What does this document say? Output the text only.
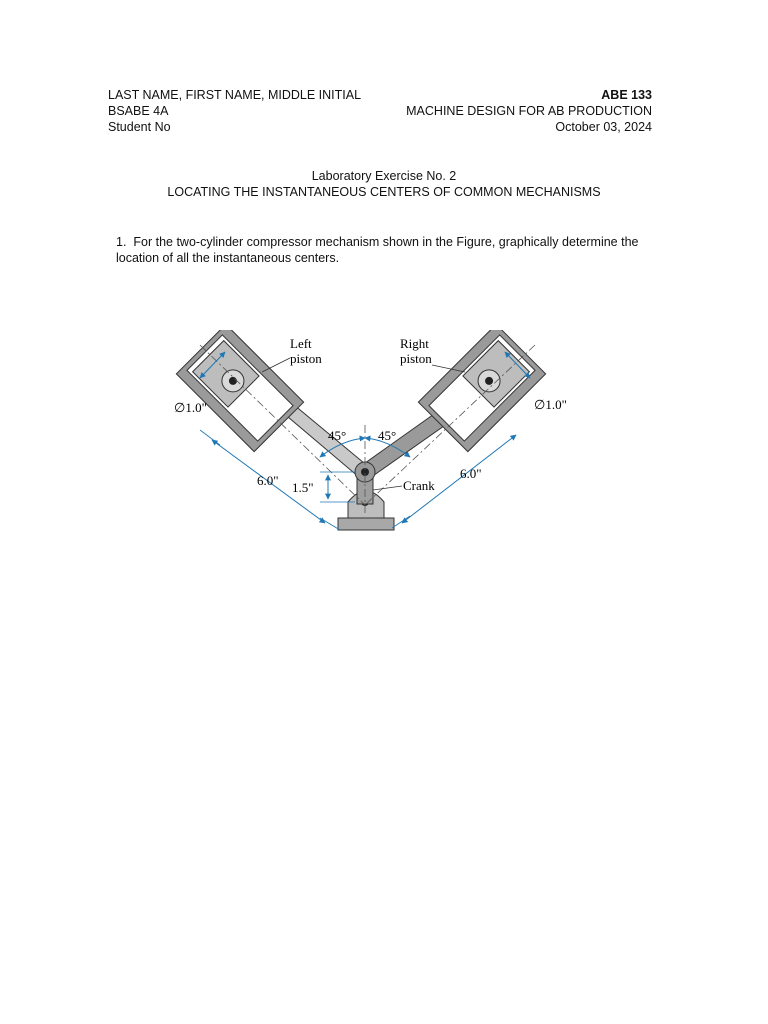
LAST NAME, FIRST NAME, MIDDLE INITIAL
BSABE 4A
Student No
ABE 133
MACHINE DESIGN FOR AB PRODUCTION
October 03, 2024
Laboratory Exercise No. 2
LOCATING THE INSTANTANEOUS CENTERS OF COMMON MECHANISMS
1. For the two-cylinder compressor mechanism shown in the Figure, graphically determine the location of all the instantaneous centers.
Left
piston
Right
piston
∅1.0"	∅1.0"
45° 45°
6.0"	6.0"
1.5"	Crank
